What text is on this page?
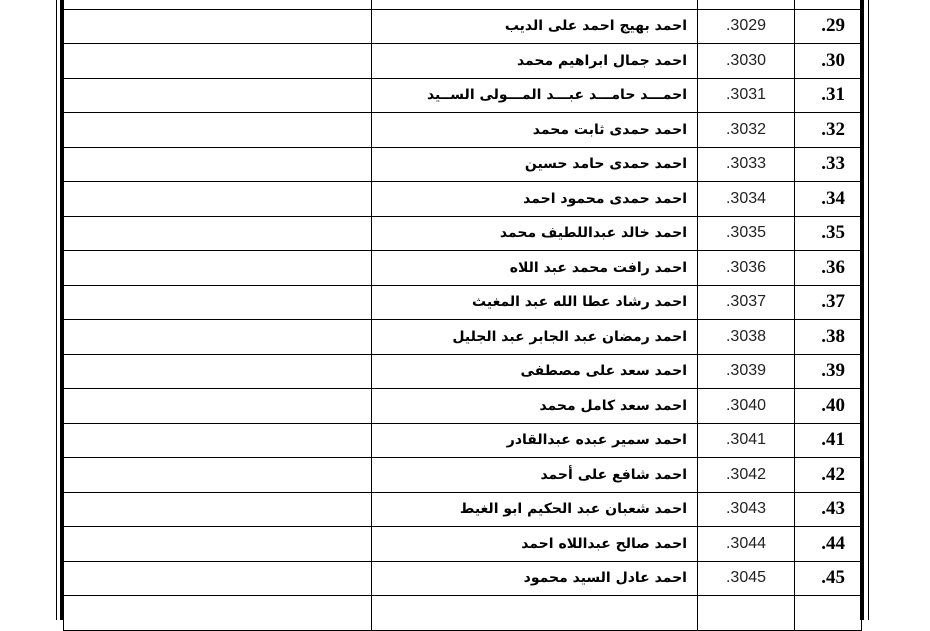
	احمد بهيج احمد على الديب	.3029	.29
	احمد جمال ابراهيم محمد	.3030	.30
	احمـــد حامـــد عبـــد المـــولى الســيد	.3031	.31
	احمد حمدى ثابت محمد	.3032	.32
	احمد حمدى حامد حسين	.3033	.33
	احمد حمدى محمود احمد	.3034	.34
	احمد خالد عبداللطيف محمد	.3035	.35
	احمد رافت محمد عبد اللاه	.3036	.36
	احمد رشاد عطا الله عبد المغيث	.3037	.37
	احمد رمضان عبد الجابر عبد الجليل	.3038	.38
	احمد سعد على مصطفى	.3039	.39
	احمد سعد كامل محمد	.3040	.40
	احمد سمير عبده عبدالقادر	.3041	.41
	احمد شافع على أحمد	.3042	.42
	احمد شعبان عبد الحكيم ابو الغيط	.3043	.43
	احمد صالح عبداللاه احمد	.3044	.44
	احمد عادل السيد محمود	.3045	.45
